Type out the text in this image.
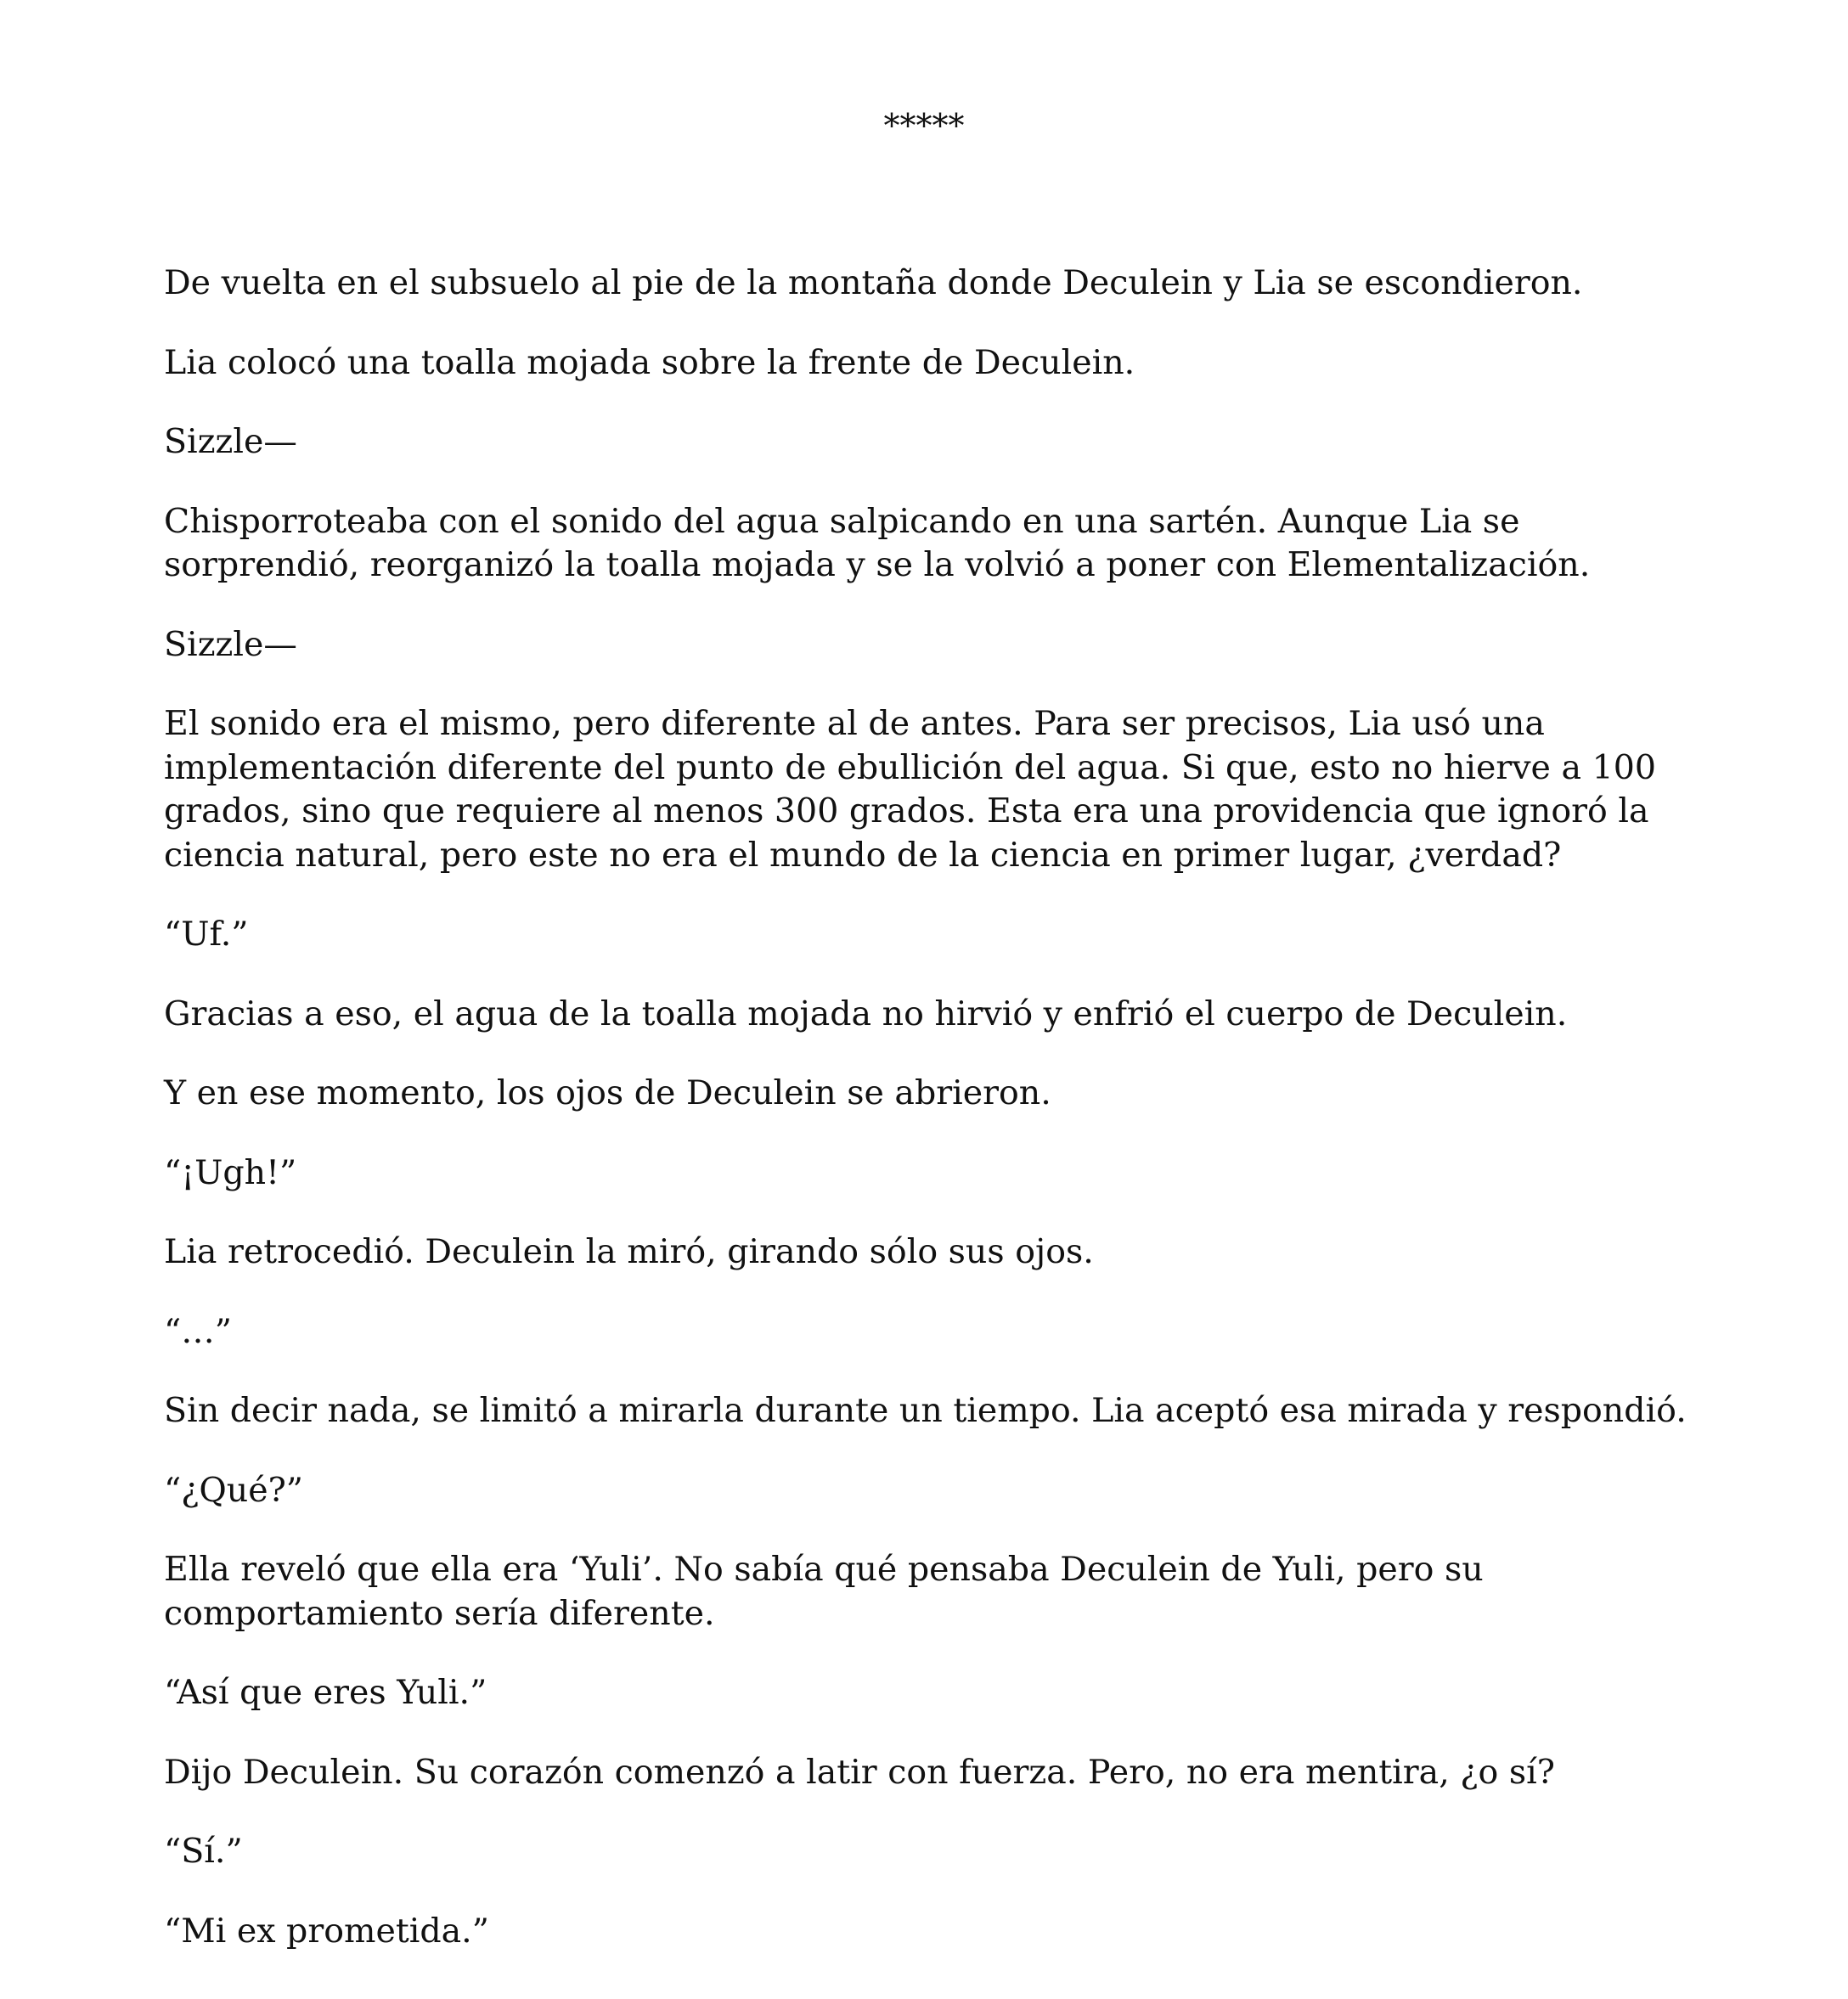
*****

De vuelta en el subsuelo al pie de la montaña donde Deculein y Lia se escondieron.

Lia colocó una toalla mojada sobre la frente de Deculein.

Sizzle—

Chisporroteaba con el sonido del agua salpicando en una sartén. Aunque Lia se sorprendió, reorganizó la toalla mojada y se la volvió a poner con Elementalización.

Sizzle—

El sonido era el mismo, pero diferente al de antes. Para ser precisos, Lia usó una implementación diferente del punto de ebullición del agua. Si que, esto no hierve a 100 grados, sino que requiere al menos 300 grados. Esta era una providencia que ignoró la ciencia natural, pero este no era el mundo de la ciencia en primer lugar, ¿verdad?

“Uf.”

Gracias a eso, el agua de la toalla mojada no hirvió y enfrió el cuerpo de Deculein.

Y en ese momento, los ojos de Deculein se abrieron.

“¡Ugh!”

Lia retrocedió. Deculein la miró, girando sólo sus ojos.

“…”

Sin decir nada, se limitó a mirarla durante un tiempo. Lia aceptó esa mirada y respondió.

“¿Qué?”

Ella reveló que ella era ‘Yuli’. No sabía qué pensaba Deculein de Yuli, pero su comportamiento sería diferente.

“Así que eres Yuli.”

Dijo Deculein. Su corazón comenzó a latir con fuerza. Pero, no era mentira, ¿o sí?

“Sí.”

“Mi ex prometida.”
